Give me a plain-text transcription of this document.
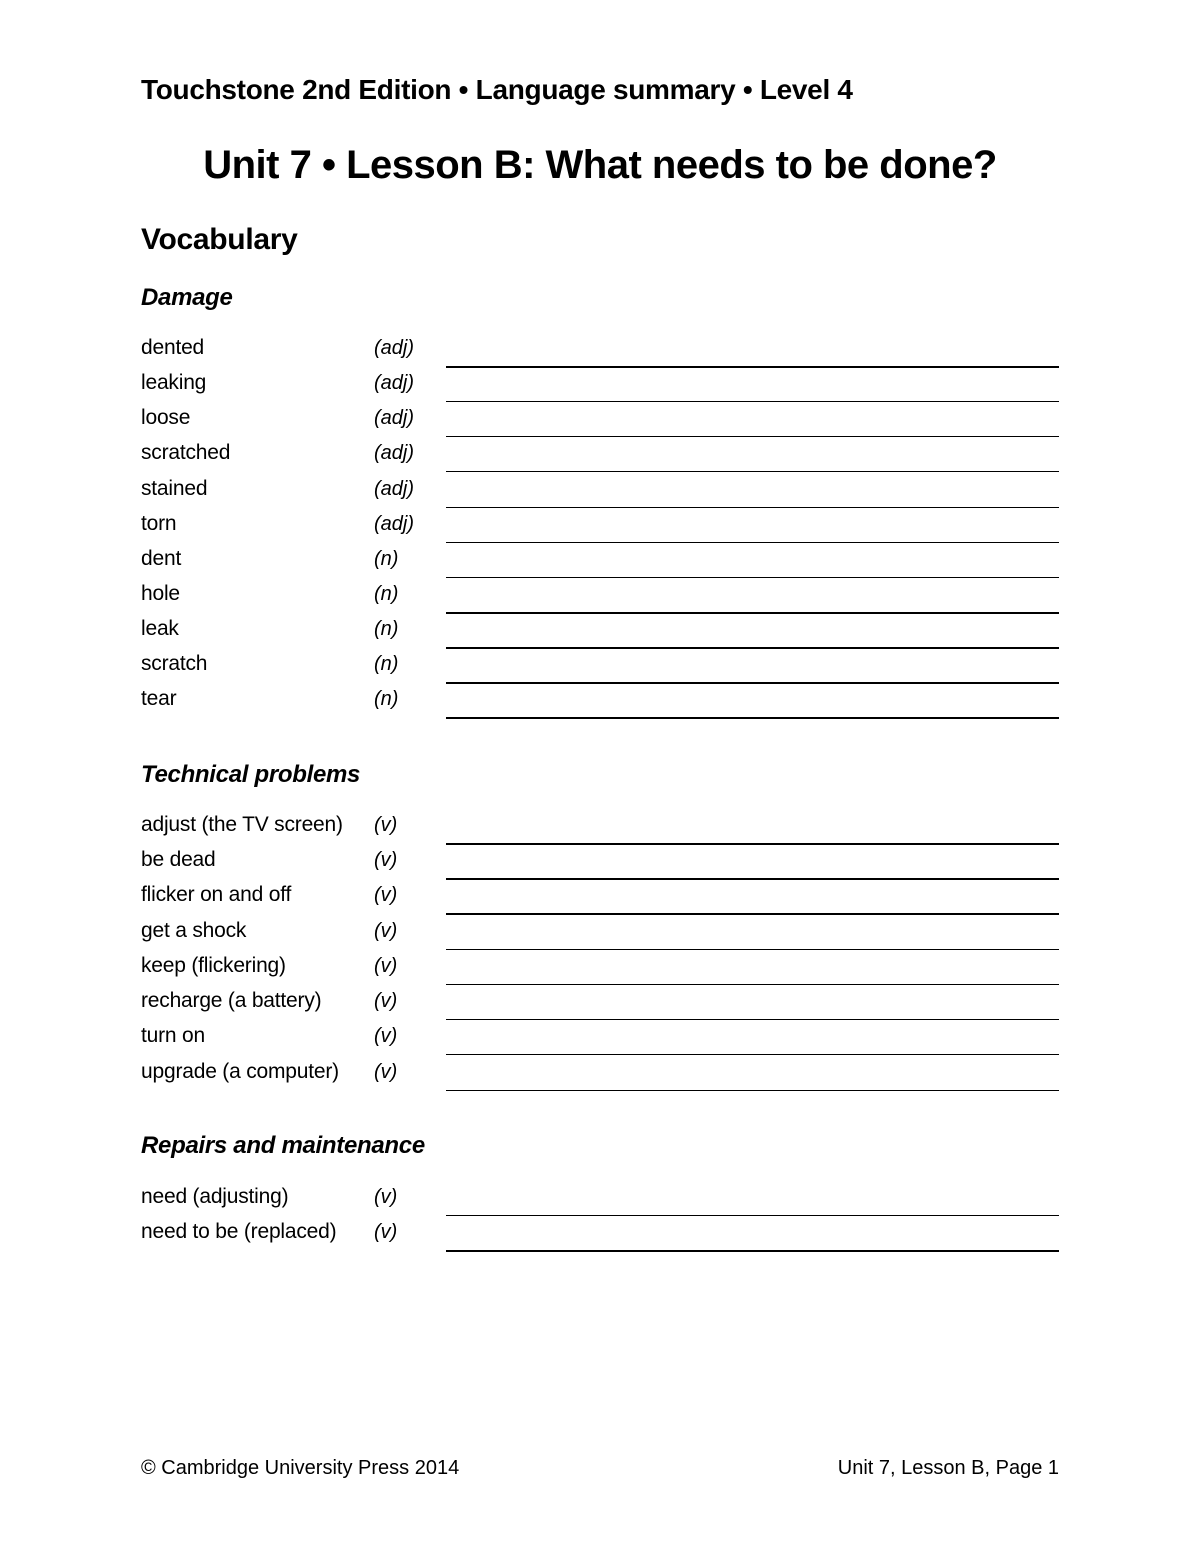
Touchstone 2nd Edition • Language summary • Level 4
Unit 7 • Lesson B: What needs to be done?
Vocabulary
Damage
dented	(adj)
leaking	(adj)
loose	(adj)
scratched	(adj)
stained	(adj)
torn	(adj)
dent	(n)
hole	(n)
leak	(n)
scratch	(n)
tear	(n)
Technical problems
adjust (the TV screen) (v)
be dead	(v)
flicker on and off	(v)
get a shock	(v)
keep (flickering)	(v)
recharge (a battery)	(v)
turn on	(v)
upgrade (a computer) (v)
Repairs and maintenance
need (adjusting)	(v)
need to be (replaced) (v)
© Cambridge University Press 2014	Unit 7, Lesson B, Page 1
